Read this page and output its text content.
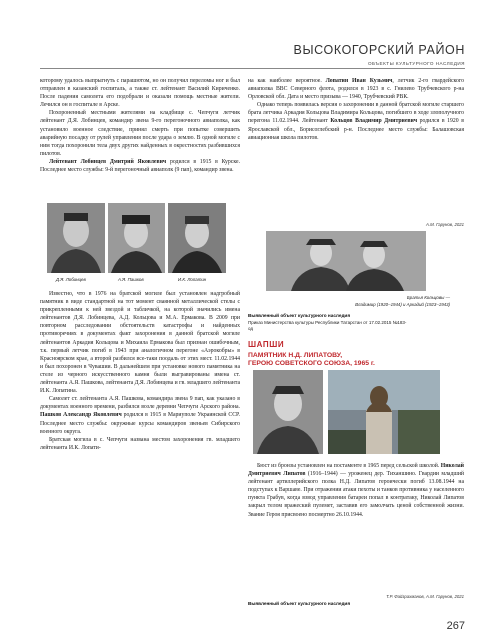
ВЫСОКОГОРСКИЙ РАЙОН
ОБЪЕКТЫ КУЛЬТУРНОГО НАСЛЕДИЯ

которому удалось выпрыгнуть с парашютом, но он получил переломы ног и был отправлен в казанский госпиталь, а также ст. лейтенант Василий Кириченко. После падения самолета его подобрали и оказали помощь местные жители. Лечился он в госпитале в Арске.

Похороненный местными жителями на кладбище с. Чепчуги летчик лейтенант Д.Я. Лобинцев, командир звена 9-го перегоночного авиаполка, как установило военное следствие, принял смерть при попытке совершить аварийную посадку от рулей управления после удара о землю. В одной могиле с ним тогда похоронили тела двух других найденных в окрестностях разбившихся пилотов.

Лейтенант Лобинцев Дмитрий Яковлевич родился в 1915 в Курске. Последнее место службы: 9-й перегоночный авиаполк (9 пап), командир звена.

Д.Я. Лобинцев	А.Я. Пашков	И.К. Лопатин

Известно, что в 1976 на братской могиле был установлен надгробный памятник в виде стандартной на тот момент сваянной металлической стелы с прикрепленными к ней звездой и табличкой, на которой значились имена лейтенантов Д.Я. Лобинцева, А.Д. Кольцова и М.А. Ермакова. В 2009 при повторном расследовании обстоятельств катастрофы и найденных противоречиях в документах факт захоронения в данной братской могиле лейтенантов Аркадия Кольцова и Михаила Ермакова был признан ошибочным, т.к. первый летчик погиб в 1943 при аналогичном перегоне «Аэрокобры» в Красноярском крае, а второй разбился все-таки поодаль от этих мест. 11.02.1944 и был похоронен в Чувашии. В дальнейшем при установке нового памятника на стеле из черного искусственного камня были выгравированы имена ст. лейтенанта А.Я. Пашкова, лейтенанта Д.Я. Лобинцева и гв. младшего лейтенанта И.К. Лопатина.

Самолет ст. лейтенанта А.Я. Пашкова, командира звена 9 пап, как указано в документах военного времени, разбился возле деревни Чепчуги Арского района. Пашков Александр Яковлевич родился в 1915 в Мариуполе Украинской ССР. Последнее место службы: окружные курсы командиров звеньев Сибирского военного округа.

Братская могила в с. Чепчуги названа местом захоронения гв. младшего лейтенанта И.К. Лопати-

на как наиболее вероятное. Лопатин Иван Кузьмич, летчик 2-го гвардейского авиаполка ВВС Северного флота, родился в 1923 в с. Гнилево Трубчевского р-на Орловской обл. Дата и место призыва — 1940, Трубчевский РВК.

Однако теперь появилась версия о захоронении в данной братской могиле старшего брата летчика Аркадия Кольцова Владимира Кольцова, погибшего в ходе злополучного перегона 11.02.1944. Лейтенант Кольцов Владимир Дмитриевич родился в 1920 в Ярославской обл., Борисоглебский р-н. Последнее место службы: Балашовская авиационная школа пилотов.

А.М. Гарунов, 2021
Братья Кольцовы —
Владимир (1920–1944) и Аркадий (1923–1943)
Выявленный объект культурного наследия
Приказ Министерства культуры Республики Татарстан от 17.02.2015 №183-од
ШАПШИ
ПАМЯТНИК Н.Д. ЛИПАТОВУ,
ГЕРОЮ СОВЕТСКОГО СОЮЗА, 1965 г.

Бюст из бронзы установлен на постаменте в 1965 перед сельской школой. Николай Дмитриевич Липатов (1916–1944) — уроженец дер. Тиханшино. Гвардии младший лейтенант артиллерийского полка Н.Д. Липатов героически погиб 13.08.1944 на подступах к Варшаве. При отражении атаки пехоты и танков противника у населенного пункта Грабув, когда взвод управления батареи попал в контратаку, Николай Липатов закрыл телом вражеский пулемет, заставив его замолчать ценой собственной жизни. Звание Героя присвоено посмертно 26.10.1944.

Т.Р. Файзрахманов, А.М. Гарунов, 2021
Выявленный объект культурного наследия
267
